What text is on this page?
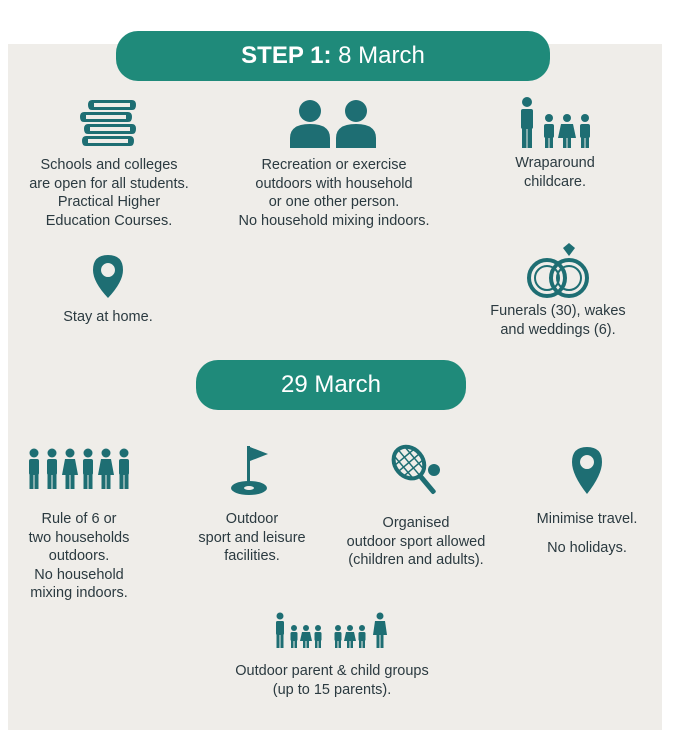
STEP 1: 8 March

Schools and colleges
are open for all students.
Practical Higher
Education Courses.

Recreation or exercise
outdoors with household
or one other person.

No household mixing indoors.

Wraparound
childcare.

Stay at home.	Funerals (30), wakes
and weddings (6).

29 March

Rule of 6 or
two households
outdoors.
No household
mixing indoors.

Outdoor
sport and leisure
facilities.

Organised
outdoor sport allowed
(children and adults).

Minimise travel.

No holidays.

Outdoor parent & child groups
(up to 15 parents).
